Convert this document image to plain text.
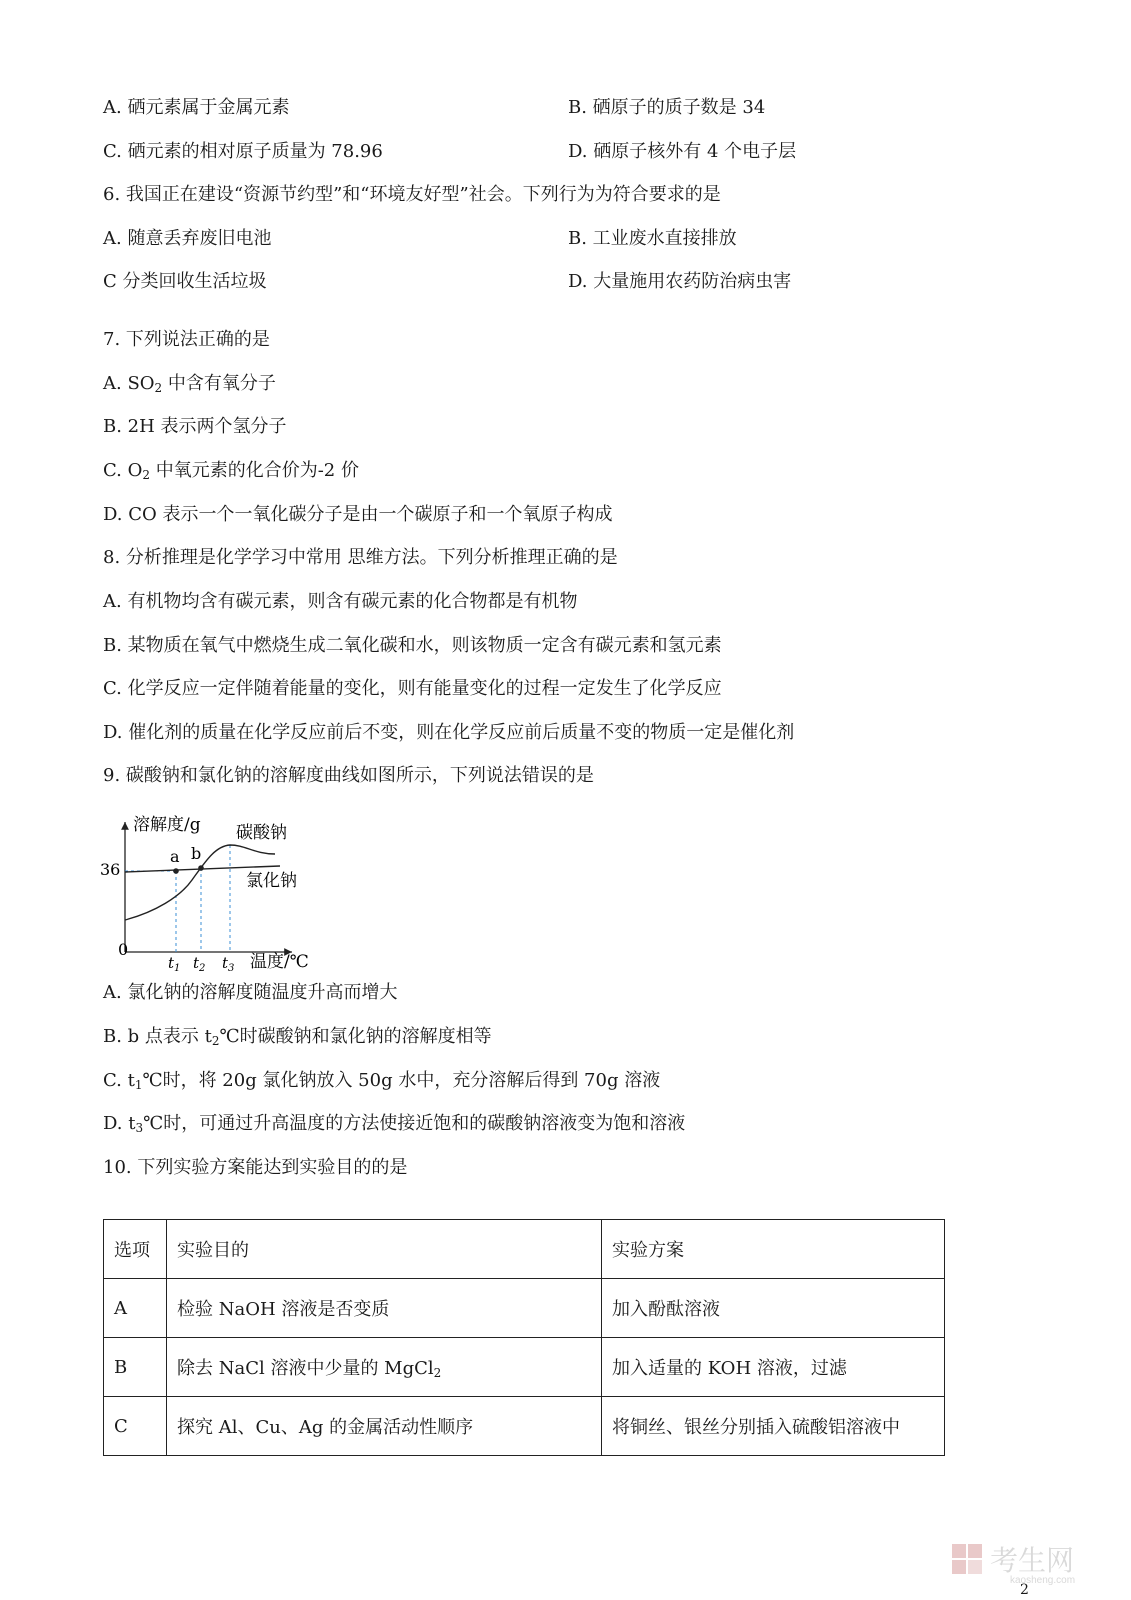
A. 硒元素属于金属元素	B. 硒原子的质子数是 34
C. 硒元素的相对原子质量为 78.96	D. 硒原子核外有 4 个电子层
6. 我国正在建设“资源节约型”和“环境友好型”社会。下列行为为符合要求的是
A. 随意丢弃废旧电池	B. 工业废水直接排放
C 分类回收生活垃圾	D. 大量施用农药防治病虫害
7. 下列说法正确的是
A. $SO_2$ 中含有氧分子
B. 2H 表示两个氢分子
C. $O_2$ 中氧元素的化合价为-2 价
D. CO 表示一个一氧化碳分子是由一个碳原子和一个氧原子构成
8. 分析推理是化学学习中常用 思维方法。下列分析推理正确的是
A. 有机物均含有碳元素，则含有碳元素的化合物都是有机物
B. 某物质在氧气中燃烧生成二氧化碳和水，则该物质一定含有碳元素和氢元素
C. 化学反应一定伴随着能量的变化，则有能量变化的过程一定发生了化学反应
D. 催化剂的质量在化学反应前后不变，则在化学反应前后质量不变的物质一定是催化剂
9. 碳酸钠和氯化钠的溶解度曲线如图所示，下列说法错误的是
溶解度/g
温度/℃
0
36
a b
碳酸钠
氯化钠
$t_1$ $t_2$ $t_3$
A. 氯化钠的溶解度随温度升高而增大
B. b 点表示 $t_2℃$时碳酸钠和氯化钠的溶解度相等
C. $t_1℃$时，将 20g 氯化钠放入 50g 水中，充分溶解后得到 70g 溶液
D. $t_3℃$时，可通过升高温度的方法使接近饱和的碳酸钠溶液变为饱和溶液
10. 下列实验方案能达到实验目的的是
选项	实验目的	实验方案
A	检验 NaOH 溶液是否变质	加入酚酞溶液
B	除去 NaCl 溶液中少量的 MgCl$_2$	加入适量的 KOH 溶液，过滤
C	探究 Al、Cu、Ag 的金属活动性顺序	将铜丝、银丝分别插入硫酸铝溶液中
考生网
kaosheng.com
2
